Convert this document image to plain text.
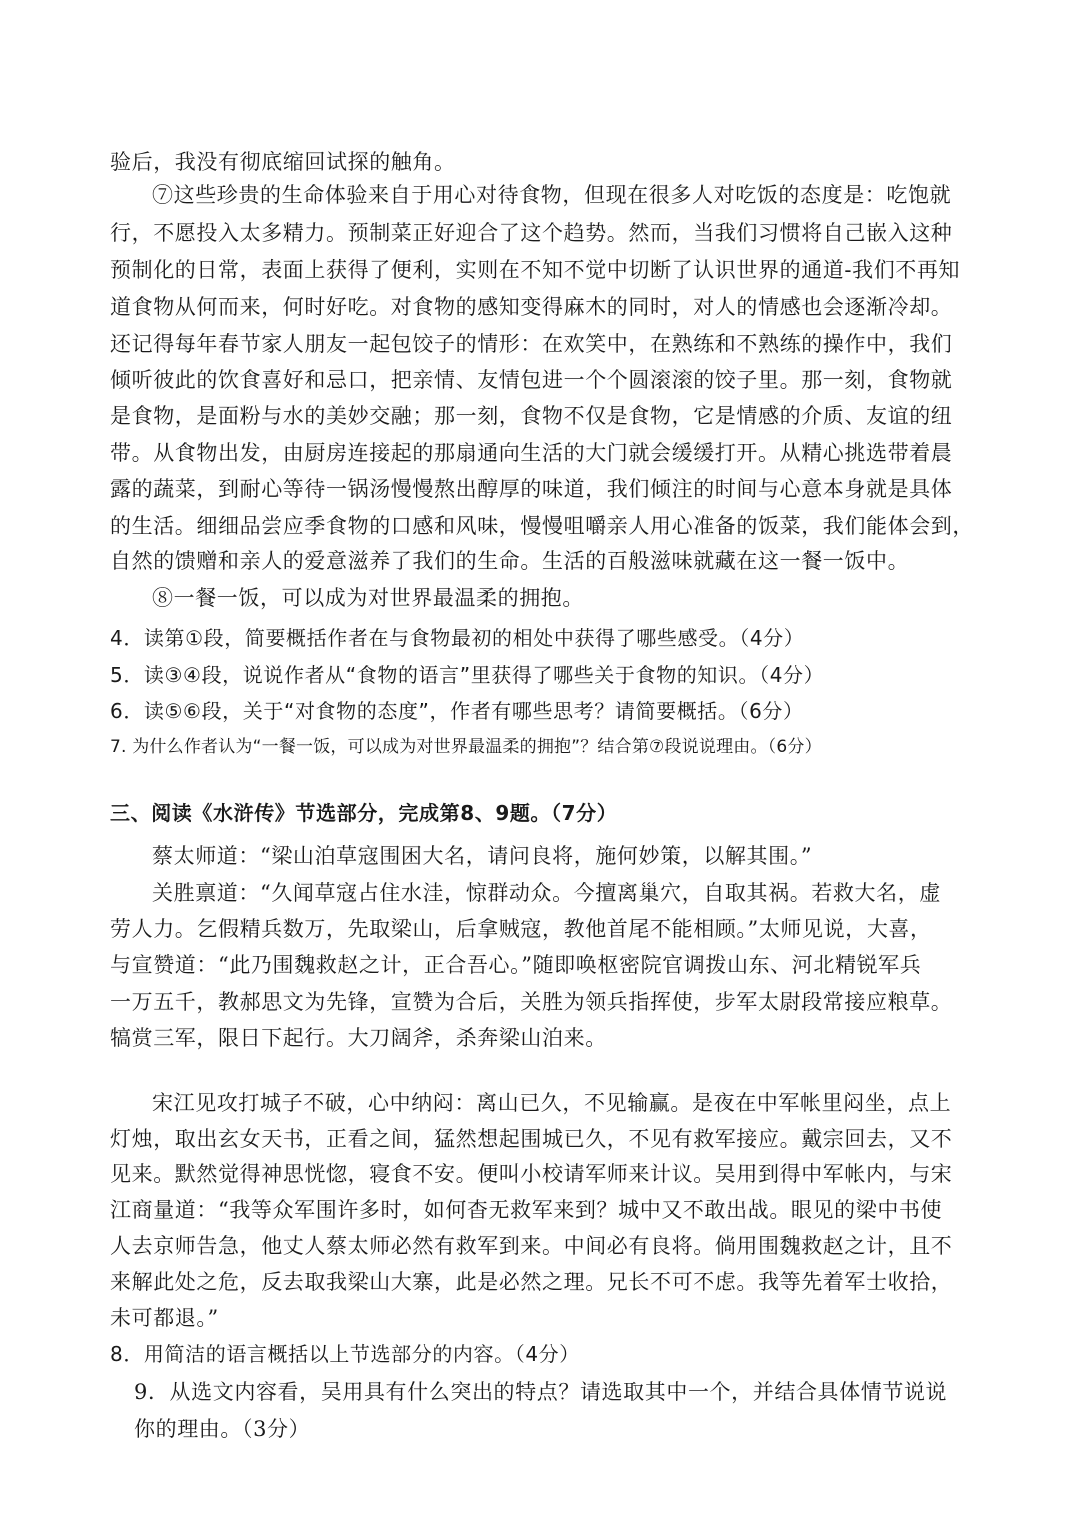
验后，我没有彻底缩回试探的触角。
⑦这些珍贵的生命体验来自于用心对待食物，但现在很多人对吃饭的态度是：吃饱就
行，不愿投入太多精力。预制菜正好迎合了这个趋势。然而，当我们习惯将自己嵌入这种
预制化的日常，表面上获得了便利，实则在不知不觉中切断了认识世界的通道-我们不再知
道食物从何而来，何时好吃。对食物的感知变得麻木的同时，对人的情感也会逐渐冷却。
还记得每年春节家人朋友一起包饺子的情形：在欢笑中，在熟练和不熟练的操作中，我们
倾听彼此的饮食喜好和忌口，把亲情、友情包进一个个圆滚滚的饺子里。那一刻，食物就
是食物，是面粉与水的美妙交融；那一刻，食物不仅是食物，它是情感的介质、友谊的纽
带。从食物出发，由厨房连接起的那扇通向生活的大门就会缓缓打开。从精心挑选带着晨
露的蔬菜，到耐心等待一锅汤慢慢熬出醇厚的味道，我们倾注的时间与心意本身就是具体
的生活。细细品尝应季食物的口感和风味，慢慢咀嚼亲人用心准备的饭菜，我们能体会到，
自然的馈赠和亲人的爱意滋养了我们的生命。生活的百般滋味就藏在这一餐一饭中。
⑧一餐一饭，可以成为对世界最温柔的拥抱。
4．读第①段，简要概括作者在与食物最初的相处中获得了哪些感受。（4分）
5．读③④段，说说作者从“食物的语言”里获得了哪些关于食物的知识。（4分）
6．读⑤⑥段，关于“对食物的态度”，作者有哪些思考？请简要概括。（6分）
7. 为什么作者认为“一餐一饭，可以成为对世界最温柔的拥抱”？结合第⑦段说说理由。（6分）
三、阅读《水浒传》节选部分，完成第8、9题。（7分）
蔡太师道：“梁山泊草寇围困大名，请问良将，施何妙策，以解其围。”
关胜禀道：“久闻草寇占住水洼，惊群动众。今擅离巢穴，自取其祸。若救大名，虚
劳人力。乞假精兵数万，先取梁山，后拿贼寇，教他首尾不能相顾。”太师见说，大喜，
与宣赞道：“此乃围魏救赵之计，正合吾心。”随即唤枢密院官调拨山东、河北精锐军兵
一万五千，教郝思文为先锋，宣赞为合后，关胜为领兵指挥使，步军太尉段常接应粮草。
犒赏三军，限日下起行。大刀阔斧，杀奔梁山泊来。
宋江见攻打城子不破，心中纳闷：离山已久，不见输赢。是夜在中军帐里闷坐，点上
灯烛，取出玄女天书，正看之间，猛然想起围城已久，不见有救军接应。戴宗回去，又不
见来。默然觉得神思恍惚，寝食不安。便叫小校请军师来计议。吴用到得中军帐内，与宋
江商量道：“我等众军围许多时，如何杳无救军来到？城中又不敢出战。眼见的梁中书使
人去京师告急，他丈人蔡太师必然有救军到来。中间必有良将。倘用围魏救赵之计，且不
来解此处之危，反去取我梁山大寨，此是必然之理。兄长不可不虑。我等先着军士收拾，
未可都退。”
8．用简洁的语言概括以上节选部分的内容。（4分）
9．从选文内容看，吴用具有什么突出的特点？请选取其中一个，并结合具体情节说说
你的理由。（3分）
